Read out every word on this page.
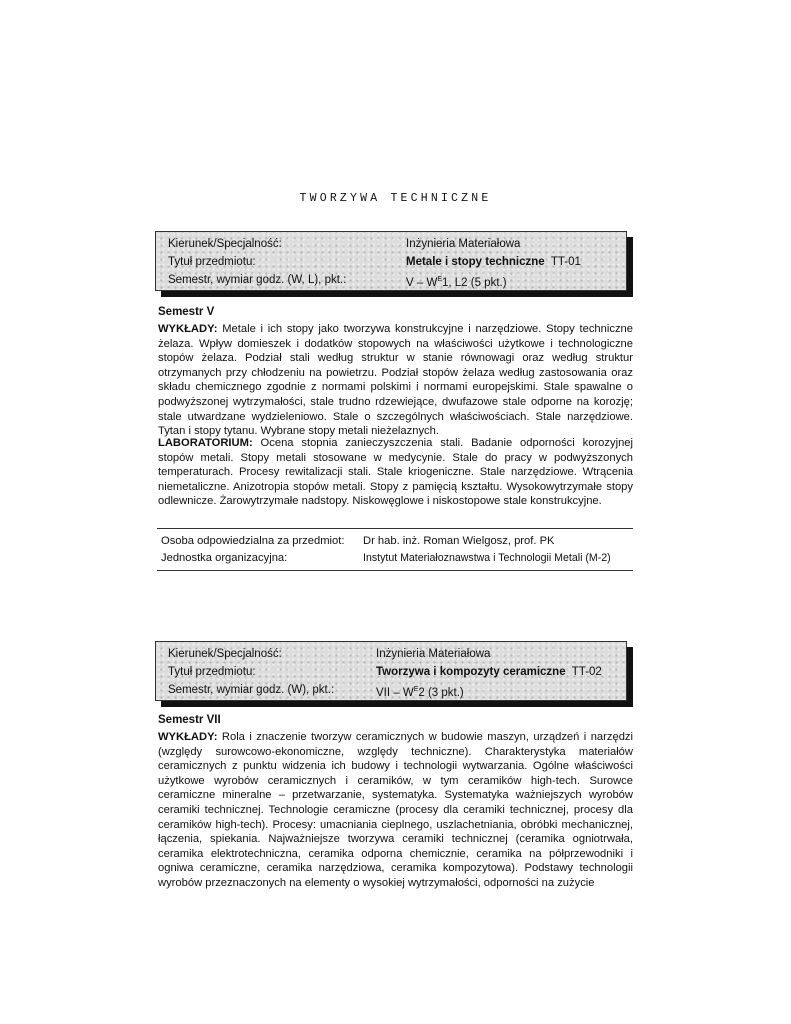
TWORZYWA TECHNICZNE
Kierunek/Specjalność:	Inżynieria Materiałowa
Tytuł przedmiotu:	Metale i stopy techniczne TT-01
Semestr, wymiar godz. (W, L), pkt.:	V – $W^E1$, L2 (5 pkt.)
Semestr V
WYKŁADY: Metale i ich stopy jako tworzywa konstrukcyjne i narzędziowe. Stopy techniczne żelaza. Wpływ domieszek i dodatków stopowych na właściwości użytkowe i technologiczne stopów żelaza. Podział stali według struktur w stanie równowagi oraz według struktur otrzymanych przy chłodzeniu na powietrzu. Podział stopów żelaza według zastosowania oraz składu chemicznego zgodnie z normami polskimi i normami europejskimi. Stale spawalne o podwyższonej wytrzymałości, stale trudno rdzewiejące, dwufazowe stale odporne na korozję; stale utwardzane wydzieleniowo. Stale o szczególnych właściwościach. Stale narzędziowe. Tytan i stopy tytanu. Wybrane stopy metali nieżelaznych.
LABORATORIUM: Ocena stopnia zanieczyszczenia stali. Badanie odporności korozyjnej stopów metali. Stopy metali stosowane w medycynie. Stale do pracy w podwyższonych temperaturach. Procesy rewitalizacji stali. Stale kriogeniczne. Stale narzędziowe. Wtrącenia niemetaliczne. Anizotropia stopów metali. Stopy z pamięcią kształtu. Wysokowytrzymałe stopy odlewnicze. Żarowytrzymałe nadstopy. Niskowęglowe i niskostopowe stale konstrukcyjne.
Osoba odpowiedzialna za przedmiot: Dr hab. inż. Roman Wielgosz, prof. PK
Jednostka organizacyjna:	Instytut Materiałoznawstwa i Technologii Metali (M-2)
Kierunek/Specjalność:	Inżynieria Materiałowa
Tytuł przedmiotu:	Tworzywa i kompozyty ceramiczne TT-02
Semestr, wymiar godz. (W), pkt.:	VII – $W^E2$ (3 pkt.)
Semestr VII
WYKŁADY: Rola i znaczenie tworzyw ceramicznych w budowie maszyn, urządzeń i narzędzi (względy surowcowo-ekonomiczne, względy techniczne). Charakterystyka materiałów ceramicznych z punktu widzenia ich budowy i technologii wytwarzania. Ogólne właściwości użytkowe wyrobów ceramicznych i ceramików, w tym ceramików high-tech. Surowce ceramiczne mineralne – przetwarzanie, systematyka. Systematyka ważniejszych wyrobów ceramiki technicznej. Technologie ceramiczne (procesy dla ceramiki technicznej, procesy dla ceramików high-tech). Procesy: umacniania cieplnego, uszlachetniania, obróbki mechanicznej, łączenia, spiekania. Najważniejsze tworzywa ceramiki technicznej (ceramika ogniotrwała, ceramika elektrotechniczna, ceramika odporna chemicznie, ceramika na półprzewodniki i ogniwa ceramiczne, ceramika narzędziowa, ceramika kompozytowa). Podstawy technologii wyrobów przeznaczonych na elementy o wysokiej wytrzymałości, odporności na zużycie
